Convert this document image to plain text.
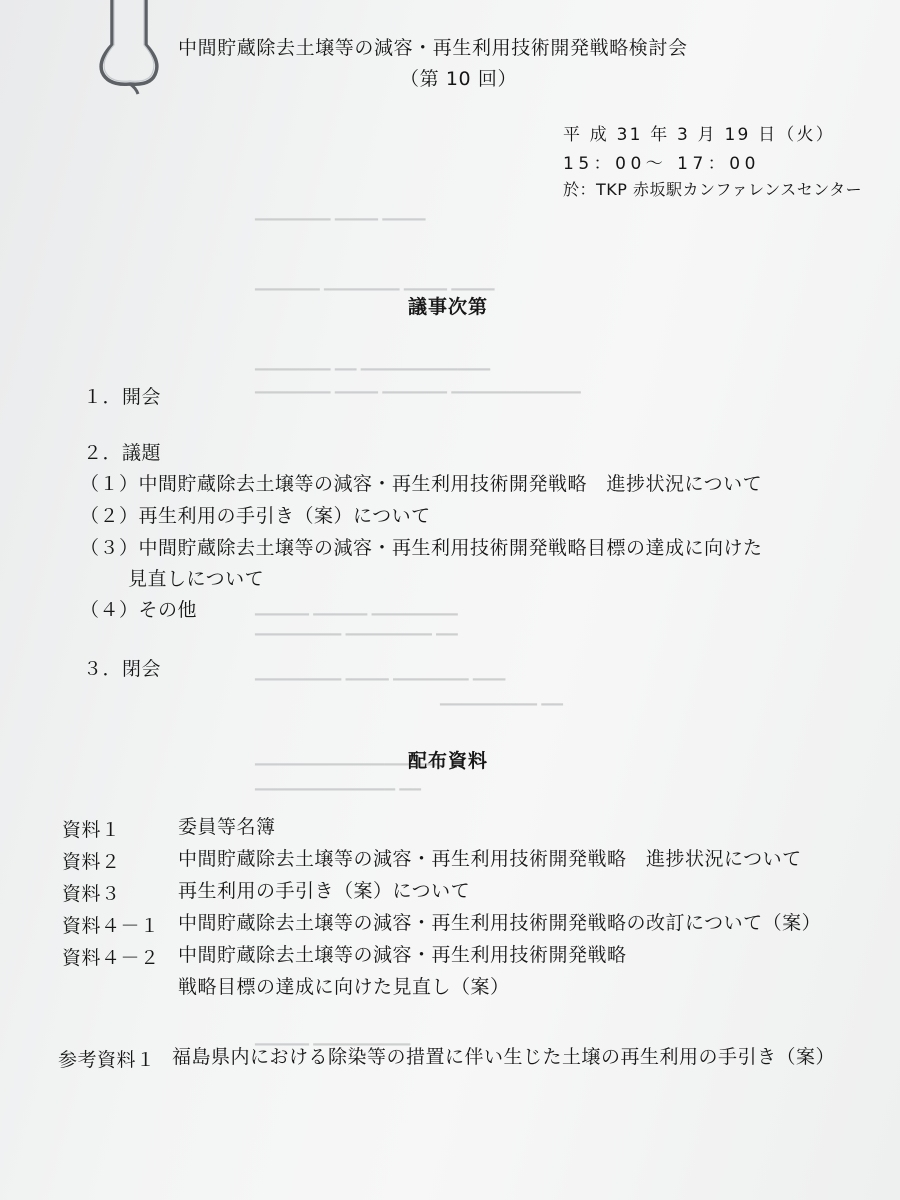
▁▁▁▁▁▁▁ ▁▁▁▁ ▁▁▁▁
▁▁▁▁▁▁ ▁▁▁▁▁▁▁ ▁▁▁▁ ▁▁▁▁
▁▁▁▁▁▁▁ ▁▁ ▁▁▁▁▁▁▁▁▁▁▁▁
▁▁▁▁▁▁▁ ▁▁▁▁ ▁▁▁▁▁▁ ▁▁▁▁▁▁▁▁▁▁▁▁
▁▁▁▁▁ ▁▁▁▁▁ ▁▁▁▁▁▁▁▁
▁▁▁▁▁▁▁▁ ▁▁▁▁▁▁▁▁ ▁▁
▁▁▁▁▁▁▁▁ ▁▁▁▁ ▁▁▁▁▁▁▁ ▁▁▁
▁▁▁▁▁▁▁▁▁ ▁▁
▁▁▁▁▁▁▁▁▁▁▁▁▁▁▁▁▁
▁▁▁▁▁▁▁▁▁▁▁▁▁ ▁▁
▁▁▁▁▁ ▁▁▁▁▁▁▁▁▁
中間貯蔵除去土壌等の減容・再生利用技術開発戦略検討会
（第 10 回）
平 成 31 年 3 月 19 日（火）
15：00～ 17：00
於：TKP 赤坂駅カンファレンスセンター
議事次第
１．開会
２．議題
（１）中間貯蔵除去土壌等の減容・再生利用技術開発戦略　進捗状況について
（２）再生利用の手引き（案）について
（３）中間貯蔵除去土壌等の減容・再生利用技術開発戦略目標の達成に向けた
見直しについて
（４）その他
３．閉会
配布資料
資料１	委員等名簿
資料２	中間貯蔵除去土壌等の減容・再生利用技術開発戦略　進捗状況について
資料３	再生利用の手引き（案）について
資料４－１ 中間貯蔵除去土壌等の減容・再生利用技術開発戦略の改訂について（案）
資料４－２ 中間貯蔵除去土壌等の減容・再生利用技術開発戦略
戦略目標の達成に向けた見直し（案）
参考資料１ 福島県内における除染等の措置に伴い生じた土壌の再生利用の手引き（案）
